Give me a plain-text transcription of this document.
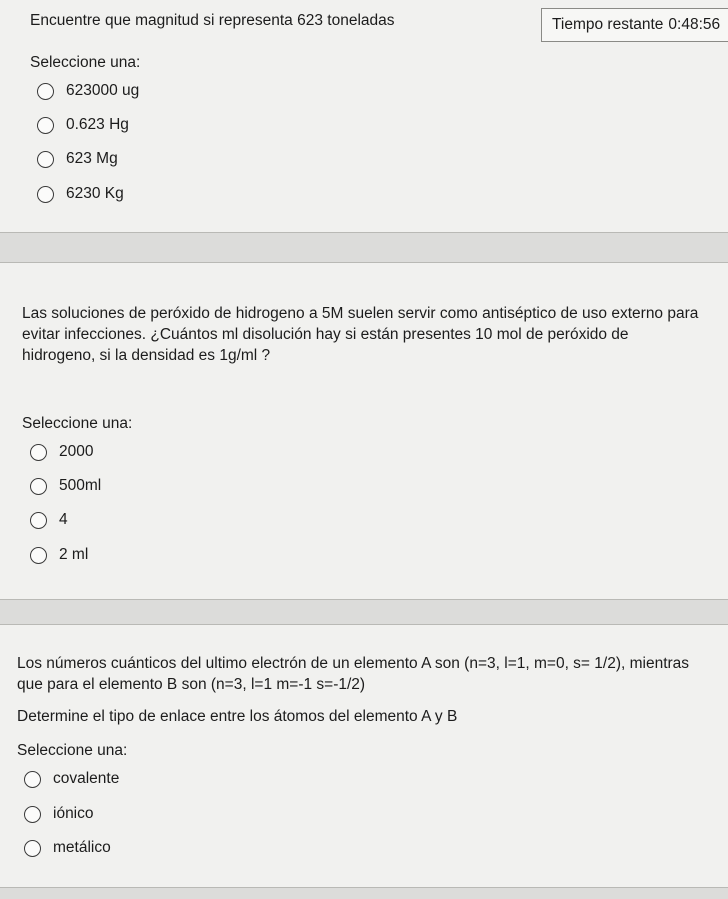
Encuentre que magnitud si representa 623 toneladas
Seleccione una:
623000 ug
0.623 Hg
623 Mg
6230 Kg
Tiempo restante 0:48:56
Las soluciones de peróxido de hidrogeno a 5M suelen servir como antiséptico de uso externo para evitar infecciones. ¿Cuántos ml disolución hay si están presentes 10 mol de peróxido de hidrogeno, si la densidad es 1g/ml ?
Seleccione una:
2000
500ml
4
2 ml
Los números cuánticos del ultimo electrón de un elemento A son (n=3, l=1, m=0, s= 1/2), mientras que para el elemento B son (n=3, l=1 m=-1 s=-1/2)
Determine el tipo de enlace entre los átomos del elemento A y B
Seleccione una:
covalente
iónico
metálico
